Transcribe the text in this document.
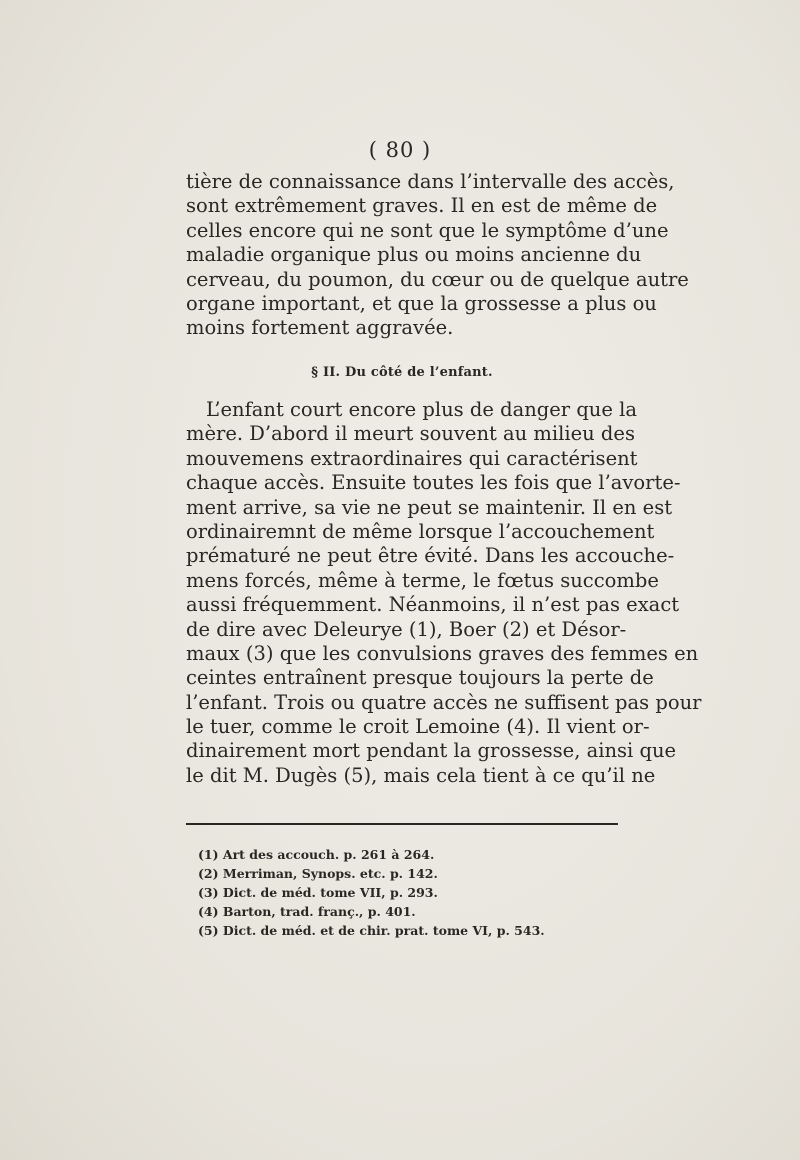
( 80 )
tière de connaissance dans l’intervalle des accès,
sont extrêmement graves. Il en est de même de
celles encore qui ne sont que le symptôme d’une
maladie organique plus ou moins ancienne du
cerveau, du poumon, du cœur ou de quelque autre
organe important, et que la grossesse a plus ou
moins fortement aggravée.
§ II. Du côté de l’enfant.
L’enfant court encore plus de danger que la
mère. D’abord il meurt souvent au milieu des
mouvemens extraordinaires qui caractérisent
chaque accès. Ensuite toutes les fois que l’avorte-
ment arrive, sa vie ne peut se maintenir. Il en est
ordinairemnt de même lorsque l’accouchement
prématuré ne peut être évité. Dans les accouche-
mens forcés, même à terme, le fœtus succombe
aussi fréquemment. Néanmoins, il n’est pas exact
de dire avec Deleurye (1), Boer (2) et Désor-
maux (3) que les convulsions graves des femmes en
ceintes entraînent presque toujours la perte de
l’enfant. Trois ou quatre accès ne suffisent pas pour
le tuer, comme le croit Lemoine (4). Il vient or-
dinairement mort pendant la grossesse, ainsi que
le dit M. Dugès (5), mais cela tient à ce qu’il ne
(1) Art des accouch. p. 261 à 264.
(2) Merriman, Synops. etc. p. 142.
(3) Dict. de méd. tome VII, p. 293.
(4) Barton, trad. franç., p. 401.
(5) Dict. de méd. et de chir. prat. tome VI, p. 543.
